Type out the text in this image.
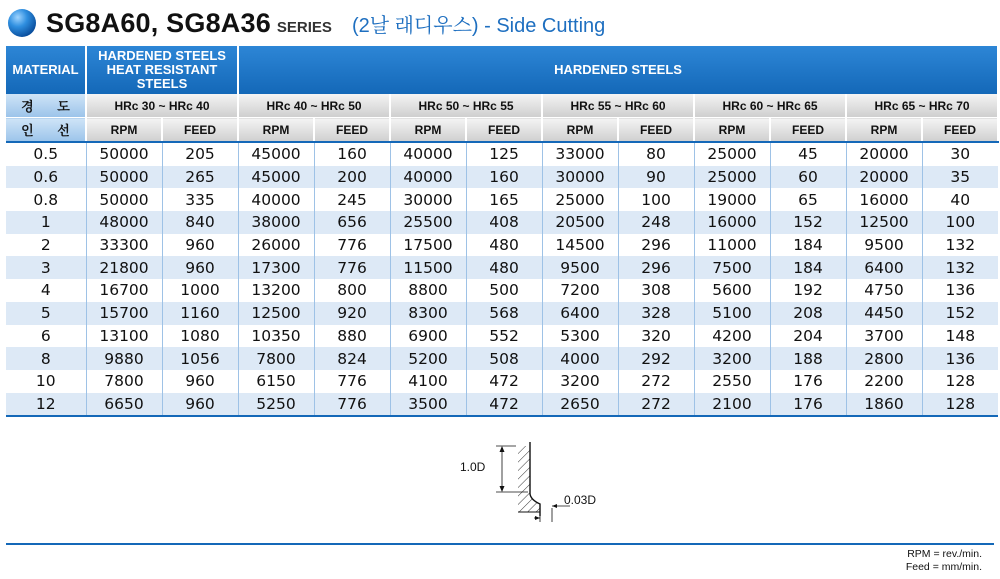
SG8A60, SG8A36 SERIES (2날 래디우스) - Side Cutting
MATERIAL	HARDENED STEELS HEAT RESISTANT STEELS		HARDENED STEELS									
경 도	HRc 30 ~ HRc 40		HRc 40 ~ HRc 50		HRc 50 ~ HRc 55		HRc 55 ~ HRc 60		HRc 60 ~ HRc 65		HRc 65 ~ HRc 70	
인 선	RPM	FEED	RPM	FEED	RPM	FEED	RPM	FEED	RPM	FEED	RPM	FEED
0.5	50000	205	45000	160	40000	125	33000	80	25000	45	20000	30
0.6	50000	265	45000	200	40000	160	30000	90	25000	60	20000	35
0.8	50000	335	40000	245	30000	165	25000	100	19000	65	16000	40
1	48000	840	38000	656	25500	408	20500	248	16000	152	12500	100
2	33300	960	26000	776	17500	480	14500	296	11000	184	9500	132
3	21800	960	17300	776	11500	480	9500	296	7500	184	6400	132
4	16700	1000	13200	800	8800	500	7200	308	5600	192	4750	136
5	15700	1160	12500	920	8300	568	6400	328	5100	208	4450	152
6	13100	1080	10350	880	6900	552	5300	320	4200	204	3700	148
8	9880	1056	7800	824	5200	508	4000	292	3200	188	2800	136
10	7800	960	6150	776	4100	472	3200	272	2550	176	2200	128
12	6650	960	5250	776	3500	472	2650	272	2100	176	1860	128
1.0D
0.03D
RPM = rev./min.
Feed = mm/min.
